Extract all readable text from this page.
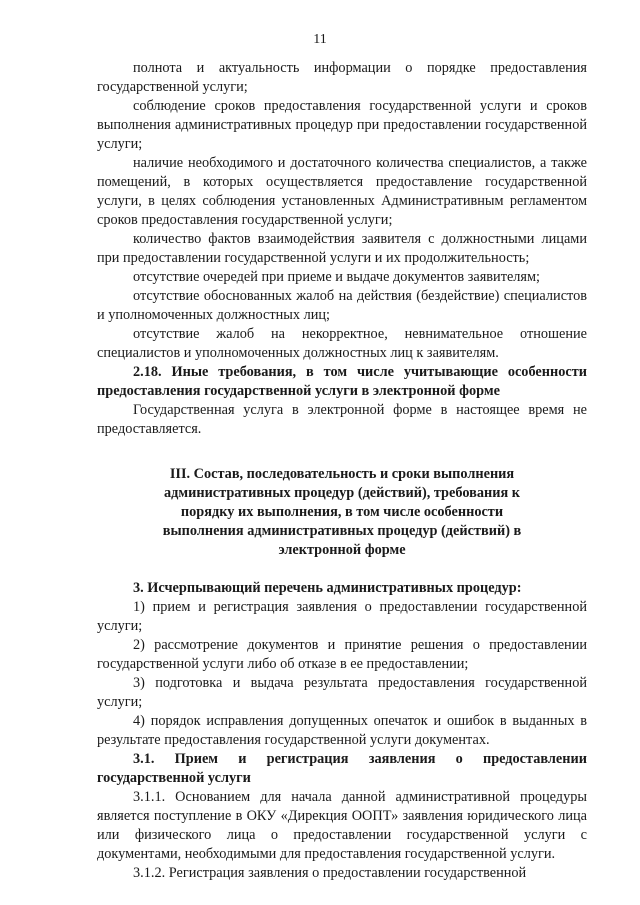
11

полнота и актуальность информации о порядке предоставления государственной услуги;

соблюдение сроков предоставления государственной услуги и сроков выполнения административных процедур при предоставлении государственной услуги;

наличие необходимого и достаточного количества специалистов, а также помещений, в которых осуществляется предоставление государственной услуги, в целях соблюдения установленных Административным регламентом сроков предоставления государственной услуги;

количество фактов взаимодействия заявителя с должностными лицами при предоставлении государственной услуги и их продолжительность;

отсутствие очередей при приеме и выдаче документов заявителям;

отсутствие обоснованных жалоб на действия (бездействие) специалистов и уполномоченных должностных лиц;

отсутствие жалоб на некорректное, невнимательное отношение специалистов и уполномоченных должностных лиц к заявителям.

2.18. Иные требования, в том числе учитывающие особенности предоставления государственной услуги в электронной форме

Государственная услуга в электронной форме в настоящее время не предоставляется.

III. Состав, последовательность и сроки выполнения административных процедур (действий), требования к порядку их выполнения, в том числе особенности выполнения административных процедур (действий) в электронной форме

3. Исчерпывающий перечень административных процедур:

1) прием и регистрация заявления о предоставлении государственной услуги;

2) рассмотрение документов и принятие решения о предоставлении государственной услуги либо об отказе в ее предоставлении;

3) подготовка и выдача результата предоставления государственной услуги;

4) порядок исправления допущенных опечаток и ошибок в выданных в результате предоставления государственной услуги документах.

3.1. Прием и регистрация заявления о предоставлении государственной услуги

3.1.1. Основанием для начала данной административной процедуры является поступление в ОКУ «Дирекция ООПТ» заявления юридического лица или физического лица о предоставлении государственной услуги с документами, необходимыми для предоставления государственной услуги.

3.1.2. Регистрация заявления о предоставлении государственной
